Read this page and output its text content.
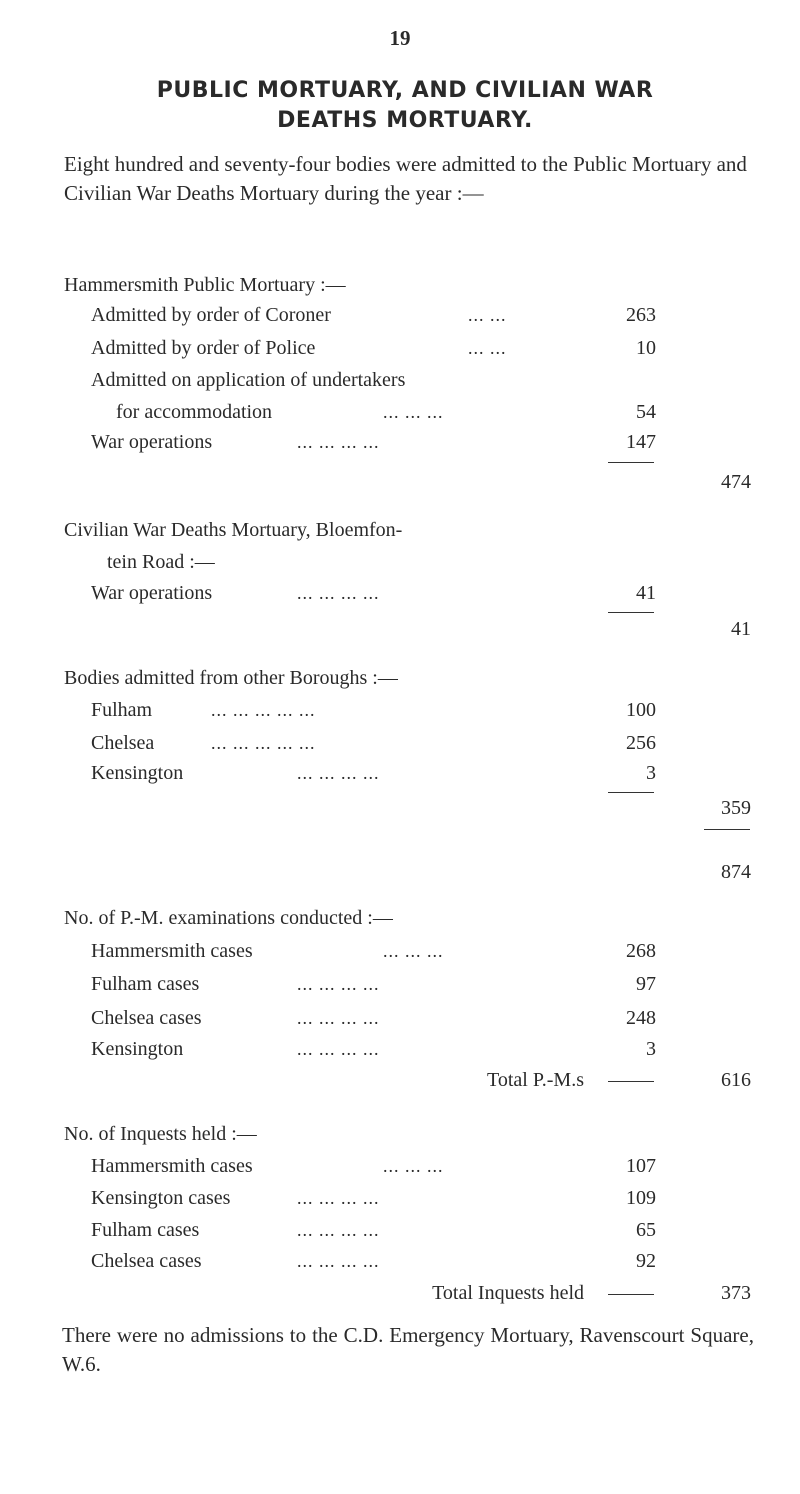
19
PUBLIC MORTUARY, AND CIVILIAN WAR
DEATHS MORTUARY.

Eight hundred and seventy-four bodies were admitted to the Public Mortuary and Civilian War Deaths Mortuary during the year :—

Hammersmith Public Mortuary :—
Admitted by order of Coroner	... ...	263
Admitted by order of Police	... ...	10
Admitted on application of undertakers
for accommodation	... ... ...	54
War operations	... ... ... ...	147
474
Civilian War Deaths Mortuary, Bloemfon-
tein Road :—
War operations	... ... ... ...	41
41
Bodies admitted from other Boroughs :—
Fulham	... ... ... ... ...	100
Chelsea	... ... ... ... ...	256
Kensington	... ... ... ...	3
359
874
No. of P.-M. examinations conducted :—
Hammersmith cases	... ... ...	268
Fulham cases	... ... ... ...	97
Chelsea cases	... ... ... ...	248
Kensington	... ... ... ...	3
Total P.-M.s	616
No. of Inquests held :—
Hammersmith cases	... ... ...	107
Kensington cases	... ... ... ...	109
Fulham cases	... ... ... ...	65
Chelsea cases	... ... ... ...	92
Total Inquests held	373

There were no admissions to the C.D. Emergency Mortuary, Ravenscourt Square, W.6.
